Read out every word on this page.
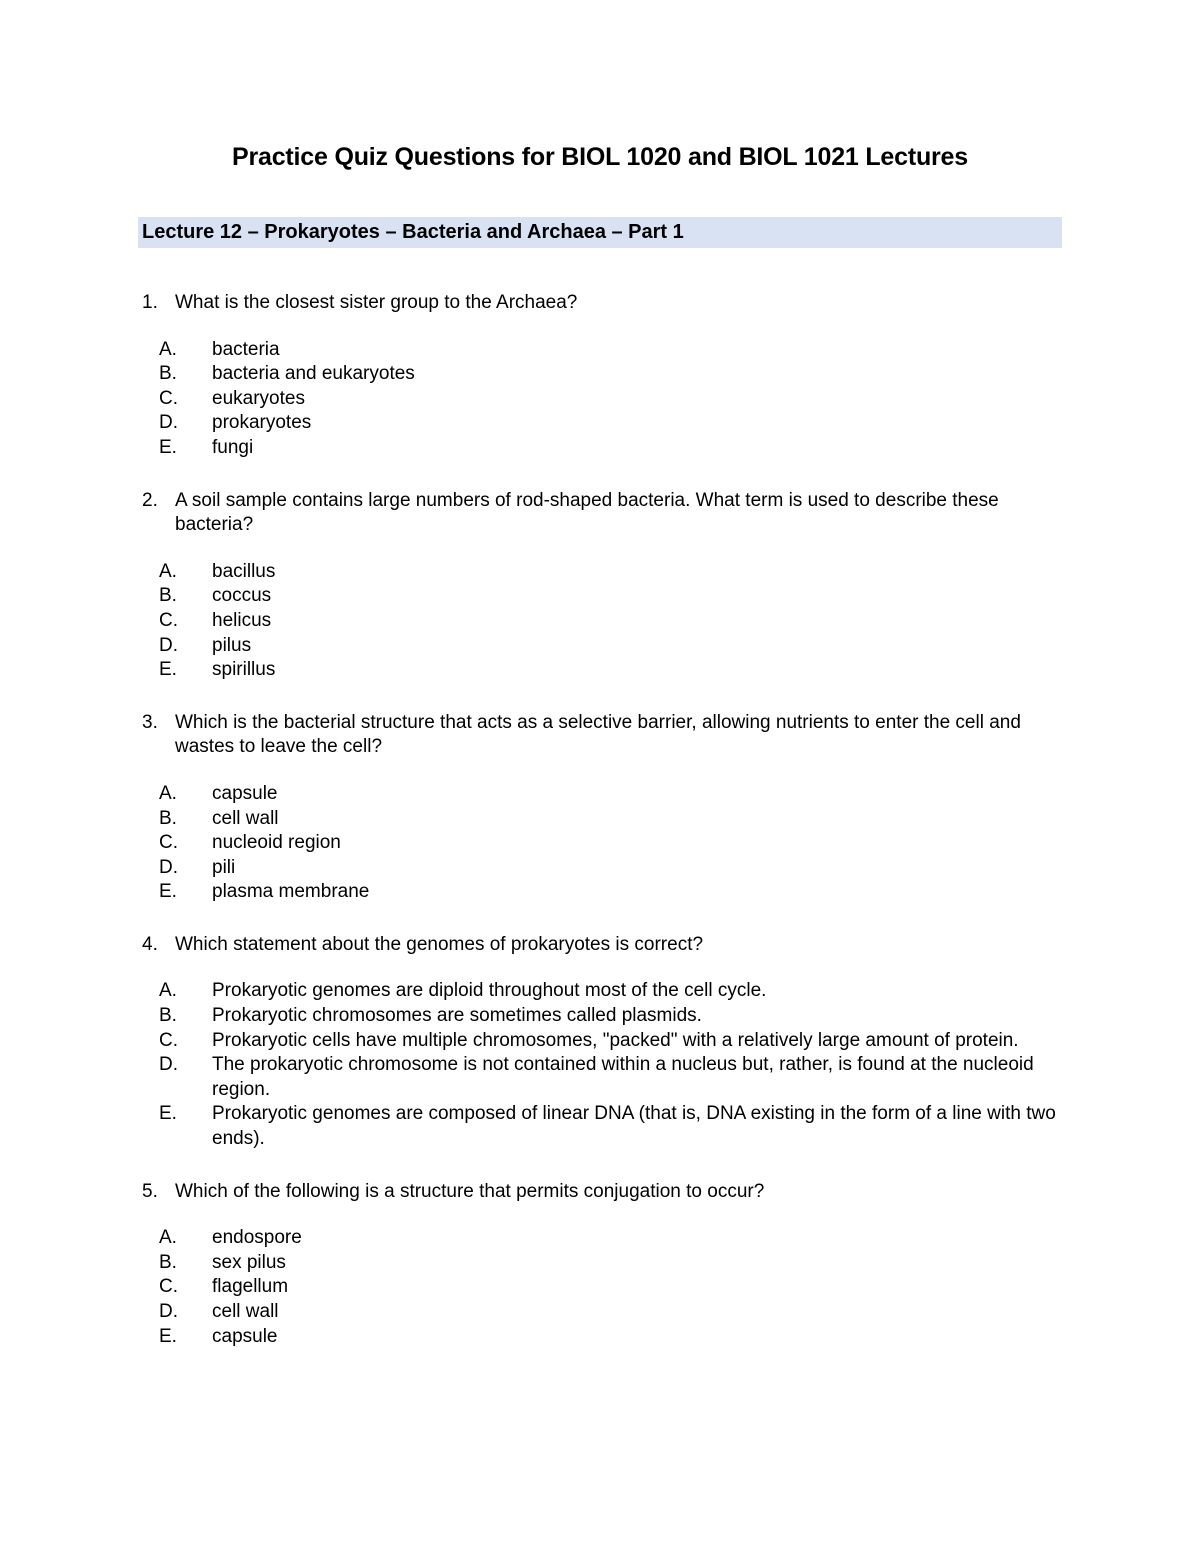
Practice Quiz Questions for BIOL 1020 and BIOL 1021 Lectures
Lecture 12 – Prokaryotes – Bacteria and Archaea – Part 1
1. What is the closest sister group to the Archaea?
A. bacteria
B. bacteria and eukaryotes
C. eukaryotes
D. prokaryotes
E. fungi
2. A soil sample contains large numbers of rod-shaped bacteria. What term is used to describe these bacteria?
A. bacillus
B. coccus
C. helicus
D. pilus
E. spirillus
3. Which is the bacterial structure that acts as a selective barrier, allowing nutrients to enter the cell and wastes to leave the cell?
A. capsule
B. cell wall
C. nucleoid region
D. pili
E. plasma membrane
4. Which statement about the genomes of prokaryotes is correct?
A. Prokaryotic genomes are diploid throughout most of the cell cycle.
B. Prokaryotic chromosomes are sometimes called plasmids.
C. Prokaryotic cells have multiple chromosomes, "packed" with a relatively large amount of protein.
D. The prokaryotic chromosome is not contained within a nucleus but, rather, is found at the nucleoid region.
E. Prokaryotic genomes are composed of linear DNA (that is, DNA existing in the form of a line with two ends).
5. Which of the following is a structure that permits conjugation to occur?
A. endospore
B. sex pilus
C. flagellum
D. cell wall
E. capsule
